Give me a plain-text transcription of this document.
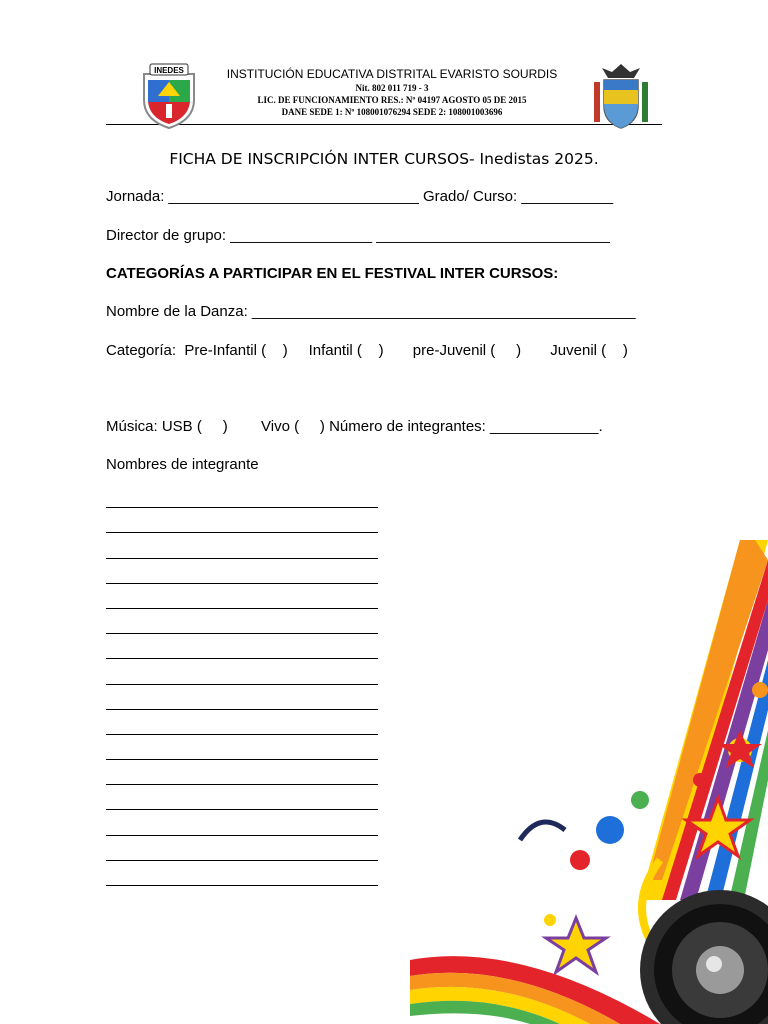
INEDES	INSTITUCIÓN EDUCATIVA DISTRITAL EVARISTO SOURDIS
Nit. 802 011 719 - 3
LIC. DE FUNCIONAMIENTO RES.: Nº 04197 AGOSTO 05 DE 2015
DANE SEDE 1: Nº 108001076294 SEDE 2: 108001003696
FICHA DE INSCRIPCIÓN INTER CURSOS- Inedistas 2025.
Jornada: ______________________________ Grado/ Curso: ___________
Director de grupo: _________________ ____________________________
CATEGORÍAS A PARTICIPAR EN EL FESTIVAL INTER CURSOS:
Nombre de la Danza: ______________________________________________
Categoría:  Pre-Infantil (    )     Infantil (    )       pre-Juvenil (     )       Juvenil (    )
Música: USB (     )        Vivo (     ) Número de integrantes: _____________.
Nombres de integrante
